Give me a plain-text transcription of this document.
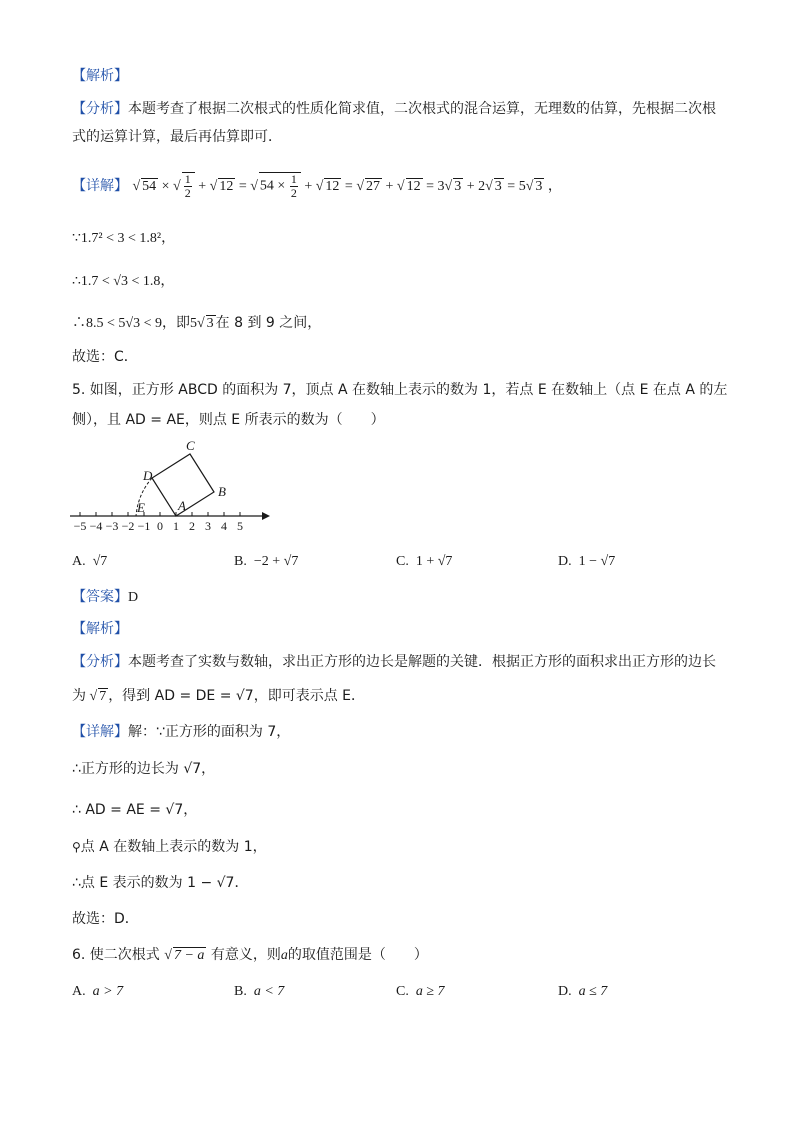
【解析】
【分析】本题考查了根据二次根式的性质化简求值，二次根式的混合运算，无理数的估算，先根据二次根
式的运算计算，最后再估算即可．
【详解】 √ 54 × √ $\frac{1}{2}$ + √ 12 = √ $54 \times \frac{1}{2}$ + √ 12 = √ 27 + √ 12 = 3√ 3 + 2√ 3 = 5√ 3 ，
∵1.7² < 3 < 1.8²，
∴1.7 < √3 < 1.8，
∴8.5 < 5√3 < 9，即5√ 3 在 8 到 9 之间，
故选：C．
5. 如图，正方形 ABCD 的面积为 7，顶点 A 在数轴上表示的数为 1，若点 E 在数轴上（点 E 在点 A 的左
侧），且 AD = AE，则点 E 所表示的数为（　　）
−5 −4 −3 −2 −1 0 1 2 3 4 5
C
D
B
E	A
A. √7	B. −2 + √7	C. 1 + √7	D. 1 − √7
【答案】D
【解析】
【分析】本题考查了实数与数轴，求出正方形的边长是解题的关键．根据正方形的面积求出正方形的边长
为 √ 7 ，得到 AD = DE = √7，即可表示点 E．
【详解】解：∵正方形的面积为 7，
∴正方形的边长为 √7，
∴ AD = AE = √7，
⚲点 A 在数轴上表示的数为 1，
∴点 E 表示的数为 1 − √7．
故选：D．
6. 使二次根式 √ 7 − a 有意义，则a的取值范围是（　　）
A. a > 7	B. a < 7	C. a ≥ 7	D. a ≤ 7
